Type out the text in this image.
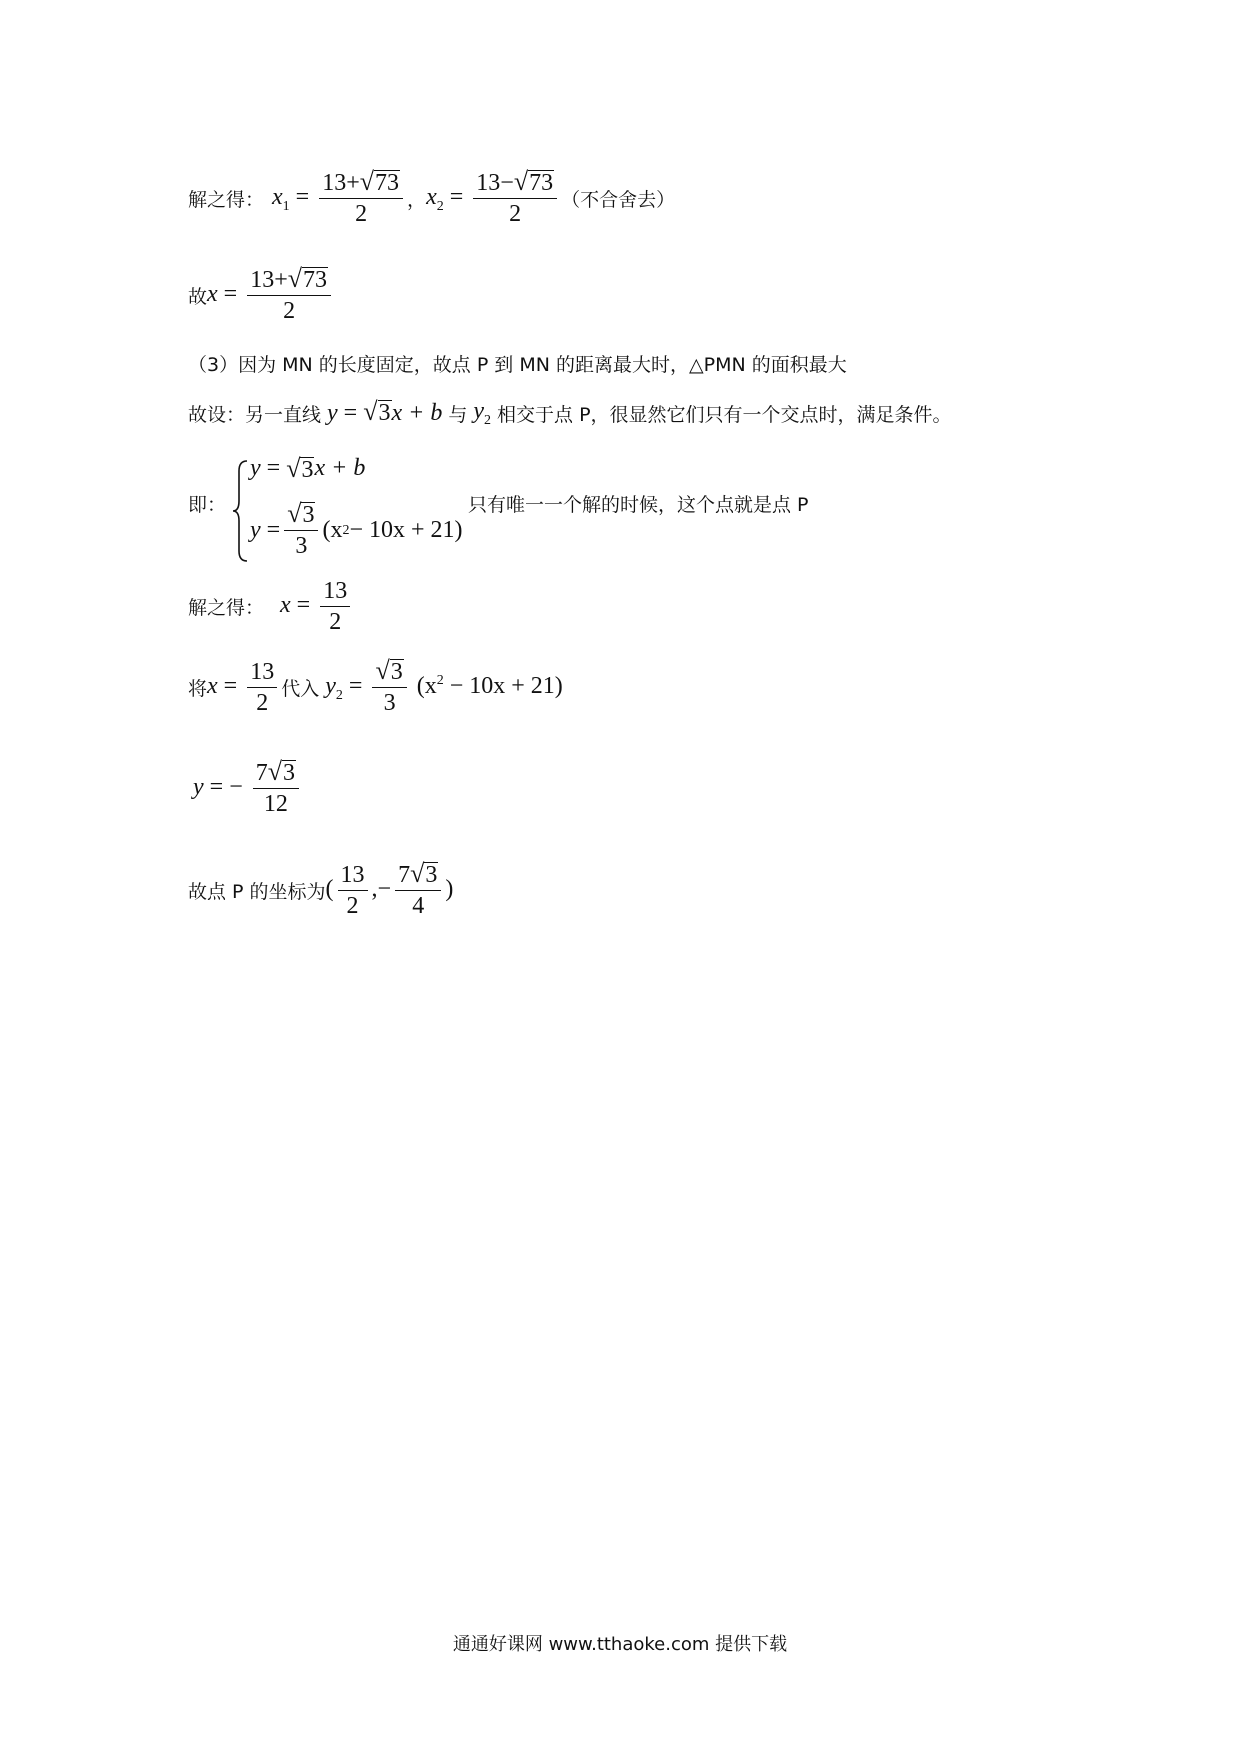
解之得： $x_1 = \frac{13+ √ 73}{2}$ ， $x_2 = \frac{13- √ 73}{2}$ （不合舍去）
故 $x = \frac{13+ √ 73}{2}$
（3）因为 MN 的长度固定，故点 P 到 MN 的距离最大时，△PMN 的面积最大
故设：另一直线 y = √ 3 x + b 与 $y_2$ 相交于点 P，很显然它们只有一个交点时，满足条件。
即：
y = √ 3 x + b
$y = \frac{√ 3}{3} (x$ 2 − 10x + 21)
只有唯一一个解的时候，这个点就是点 P
解之得： $x = \frac{13}{2}$
将 $x = \frac{13}{2}$ 代入 $y_2 = \frac{√ 3}{3} (x^2 - 10x + 21)$
y = − $\frac{7 √ 3}{12}$
故点 P 的坐标为 ( $\frac{13}{2}$ ,− $\frac{7 √ 3}{4}$ )
通通好课网 www.tthaoke.com 提供下载
